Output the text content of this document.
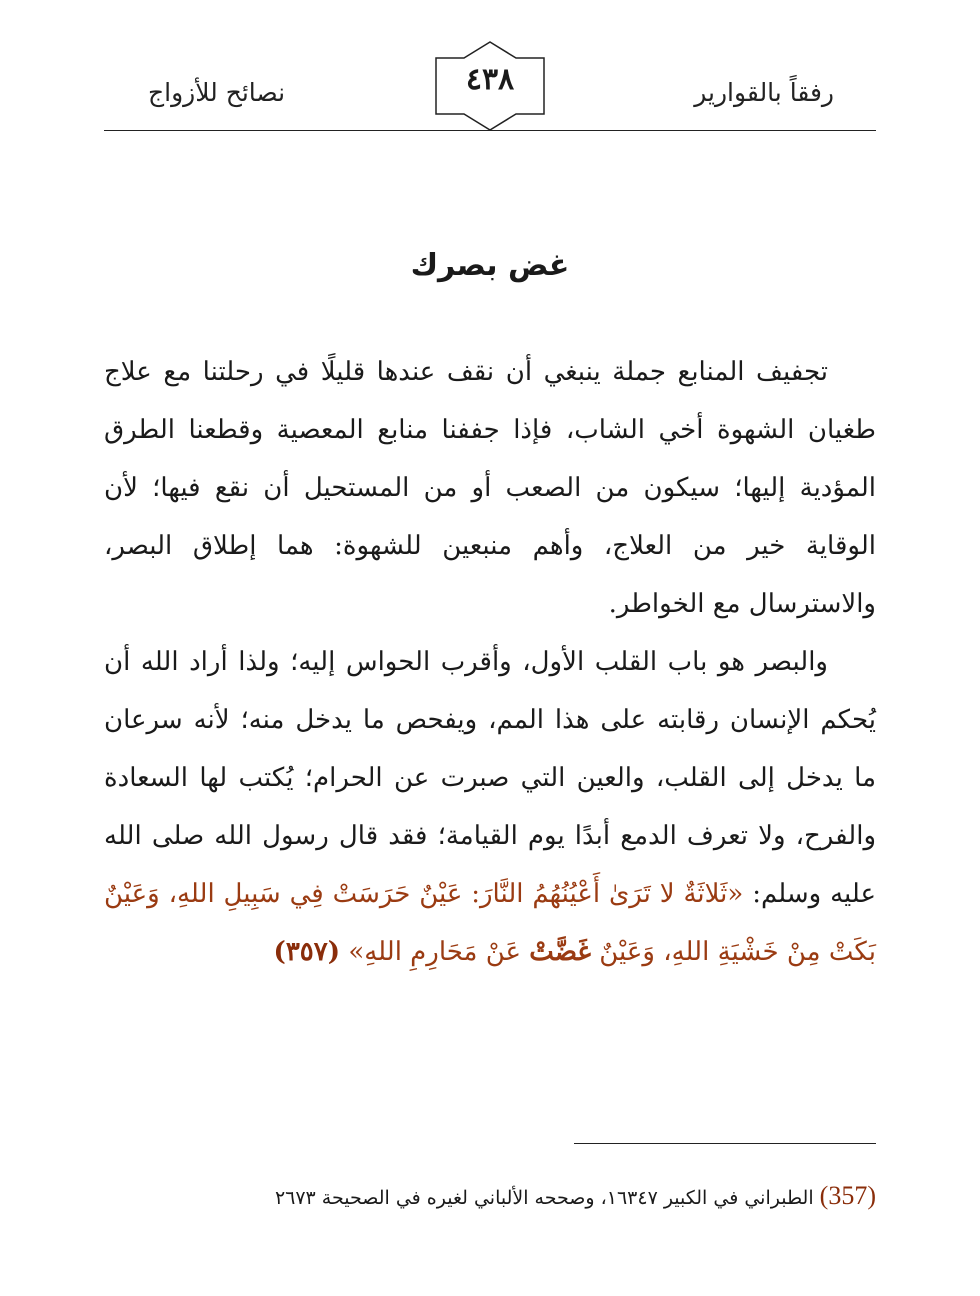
رفقاً بالقوارير
٤٣٨
نصائح للأزواج
غض بصرك

تجفيف المنابع جملة ينبغي أن نقف عندها قليلًا في رحلتنا مع علاج طغيان الشهوة أخي الشاب، فإذا جففنا منابع المعصية وقطعنا الطرق المؤدية إليها؛ سيكون من الصعب أو من المستحيل أن نقع فيها؛ لأن الوقاية خير من العلاج، وأهم منبعين للشهوة: هما إطلاق البصر، والاسترسال مع الخواطر.

والبصر هو باب القلب الأول، وأقرب الحواس إليه؛ ولذا أراد الله أن يُحكم الإنسان رقابته على هذا المم، ويفحص ما يدخل منه؛ لأنه سرعان ما يدخل إلى القلب، والعين التي صبرت عن الحرام؛ يُكتب لها السعادة والفرح، ولا تعرف الدمع أبدًا يوم القيامة؛ فقد قال رسول الله صلى الله عليه وسلم: «ثَلاثَةٌ لا تَرَىٰ أَعْيُنُهُمُ النَّارَ: عَيْنٌ حَرَسَتْ فِي سَبِيلِ اللهِ، وَعَيْنٌ بَكَتْ مِنْ خَشْيَةِ اللهِ، وَعَيْنٌ غَضَّتْ عَنْ مَحَارِمِ اللهِ» (٣٥٧)

(357) الطبراني في الكبير ١٦٣٤٧، وصححه الألباني لغيره في الصحيحة ٢٦٧٣
